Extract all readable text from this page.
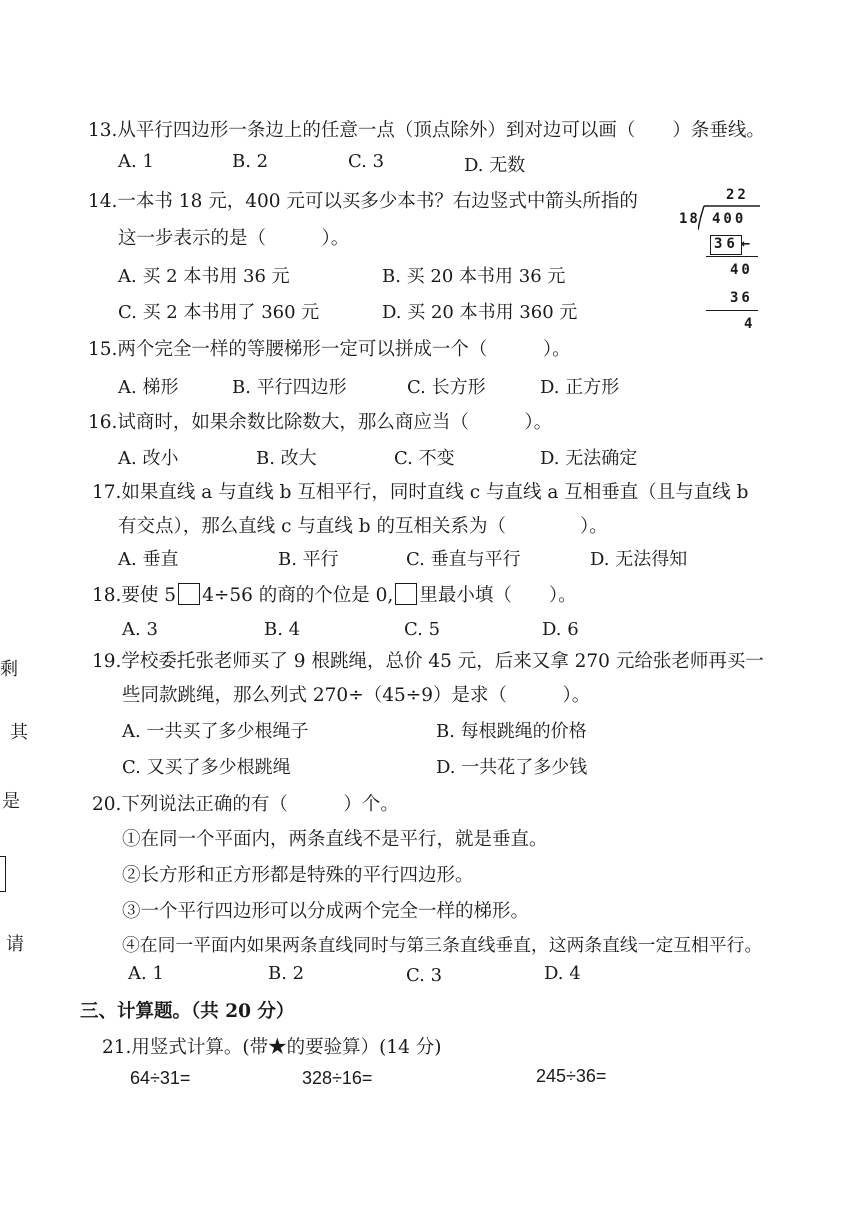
剩
其
是
请
13.从平行四边形一条边上的任意一点（顶点除外）到对边可以画（　　）条垂线。
A. 1	B. 2	C. 3	D. 无数
14.一本书 18 元，400 元可以买多少本书？右边竖式中箭头所指的
这一步表示的是（　　　）。
A. 买 2 本书用 36 元	B. 买 20 本书用 36 元
C. 买 2 本书用了 360 元	D. 买 20 本书用 360 元
22
18 400
36 ←
40
36
4
15.两个完全一样的等腰梯形一定可以拼成一个（　　　）。
A. 梯形	B. 平行四边形	C. 长方形	D. 正方形
16.试商时，如果余数比除数大，那么商应当（　　　）。
A. 改小	B. 改大	C. 不变	D. 无法确定
17.如果直线 a 与直线 b 互相平行，同时直线 c 与直线 a 互相垂直（且与直线 b
有交点），那么直线 c 与直线 b 的互相关系为（　　　　）。
A. 垂直	B. 平行	C. 垂直与平行	D. 无法得知
18.要使 5 4÷56 的商的个位是 0, 里最小填（　　）。
A. 3	B. 4	C. 5	D. 6
19.学校委托张老师买了 9 根跳绳，总价 45 元，后来又拿 270 元给张老师再买一
些同款跳绳，那么列式 270÷（45÷9）是求（　　　）。
A. 一共买了多少根绳子	B. 每根跳绳的价格
C. 又买了多少根跳绳	D. 一共花了多少钱
20.下列说法正确的有（　　　）个。
①在同一个平面内，两条直线不是平行，就是垂直。
②长方形和正方形都是特殊的平行四边形。
③一个平行四边形可以分成两个完全一样的梯形。
④在同一平面内如果两条直线同时与第三条直线垂直，这两条直线一定互相平行。
A. 1	B. 2	C. 3	D. 4
三、计算题。（共 20 分）
21.用竖式计算。(带★的要验算）(14 分)
64÷31=	328÷16=	245÷36=
